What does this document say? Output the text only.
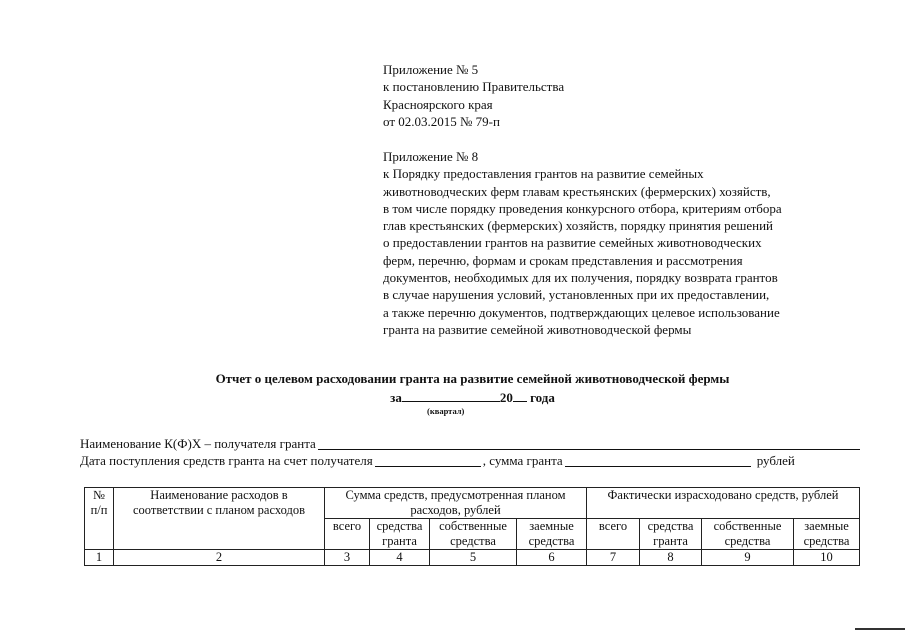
Приложение № 5
к постановлению Правительства
Красноярского края
от 02.03.2015 № 79-п
Приложение № 8
к Порядку предоставления грантов на развитие семейных
животноводческих ферм главам крестьянских (фермерских) хозяйств,
в том числе порядку проведения конкурсного отбора, критериям отбора
глав крестьянских (фермерских) хозяйств, порядку принятия решений
о предоставлении грантов на развитие семейных животноводческих
ферм, перечню, формам и срокам представления и рассмотрения
документов, необходимых для их получения, порядку возврата грантов
в случае нарушения условий, установленных при их предоставлении,
а также перечню документов, подтверждающих целевое использование
гранта на развитие семейной животноводческой фермы
Отчет о целевом расходовании гранта на развитие семейной животноводческой фермы
за	20 года
(квартал)
Наименование К(Ф)Х – получателя гранта
Дата поступления средств гранта на счет получателя	, сумма гранта	рублей
№ п/п	Наименование расходов в соответствии с планом расходов	Сумма средств, предусмотренная планом расходов, рублей				Фактически израсходовано средств, рублей			
		всего	средства гранта	собственные средства	заемные средства	всего	средства гранта	собственные средства	заемные средства
1	2	3	4	5	6	7	8	9	10
